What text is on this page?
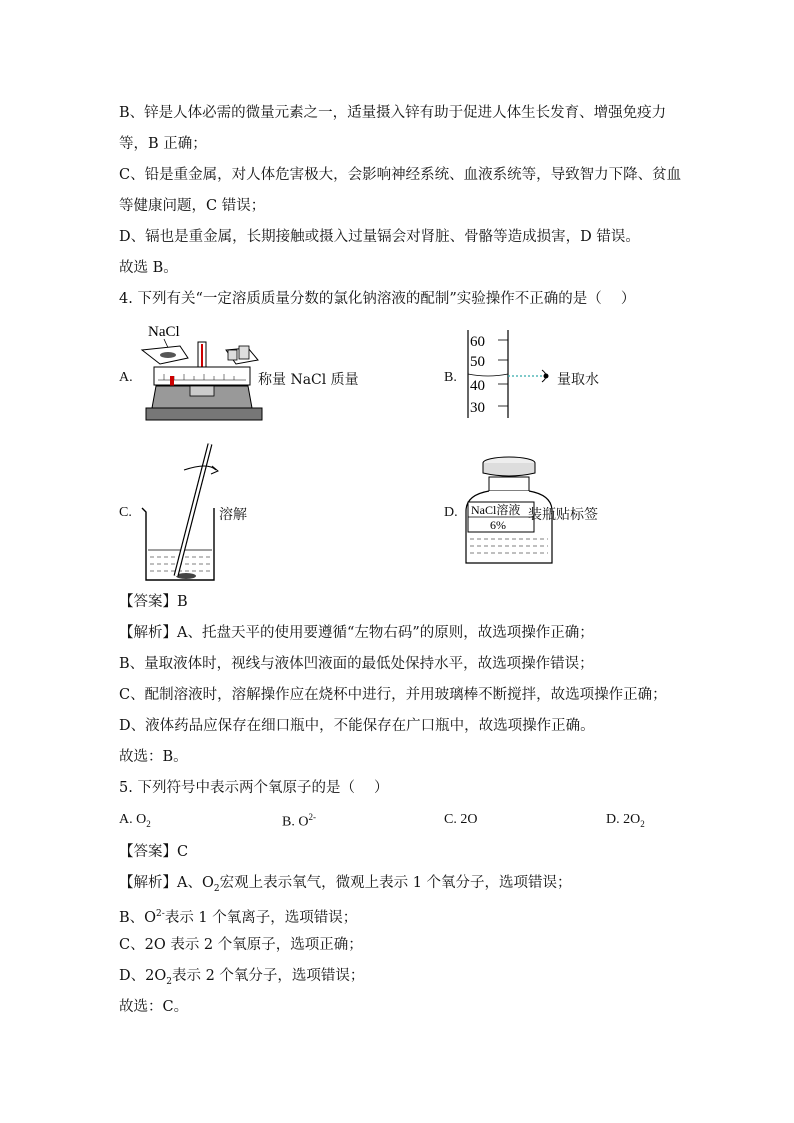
B、锌是人体必需的微量元素之一，适量摄入锌有助于促进人体生长发育、增强免疫力
等，B 正确；
C、铅是重金属，对人体危害极大，会影响神经系统、血液系统等，导致智力下降、贫血
等健康问题，C 错误；
D、镉也是重金属，长期接触或摄入过量镉会对肾脏、骨骼等造成损害，D 错误。
故选 B。
4. 下列有关“一定溶质质量分数的氯化钠溶液的配制”实验操作不正确的是（　 ）
A.
NaCl
称量 NaCl 质量	B.
60
50
40
30
量取水
C.	溶解	D. NaCl溶液
6%
装瓶贴标签
【答案】B
【解析】A、托盘天平的使用要遵循“左物右码”的原则，故选项操作正确；
B、量取液体时，视线与液体凹液面的最低处保持水平，故选项操作错误；
C、配制溶液时，溶解操作应在烧杯中进行，并用玻璃棒不断搅拌，故选项操作正确；
D、液体药品应保存在细口瓶中，不能保存在广口瓶中，故选项操作正确。
故选：B。
5. 下列符号中表示两个氧原子的是（　 ）
A. $O_2$	B. $O^{2-}$	C. 2O	D. $2O_2$
【答案】C
【解析】A、$O_2$宏观上表示氧气，微观上表示 1 个氧分子，选项错误；
B、$O^{2-}$表示 1 个氧离子，选项错误；
C、2O 表示 2 个氧原子，选项正确；
D、$2O_2$表示 2 个氧分子，选项错误；
故选：C。
